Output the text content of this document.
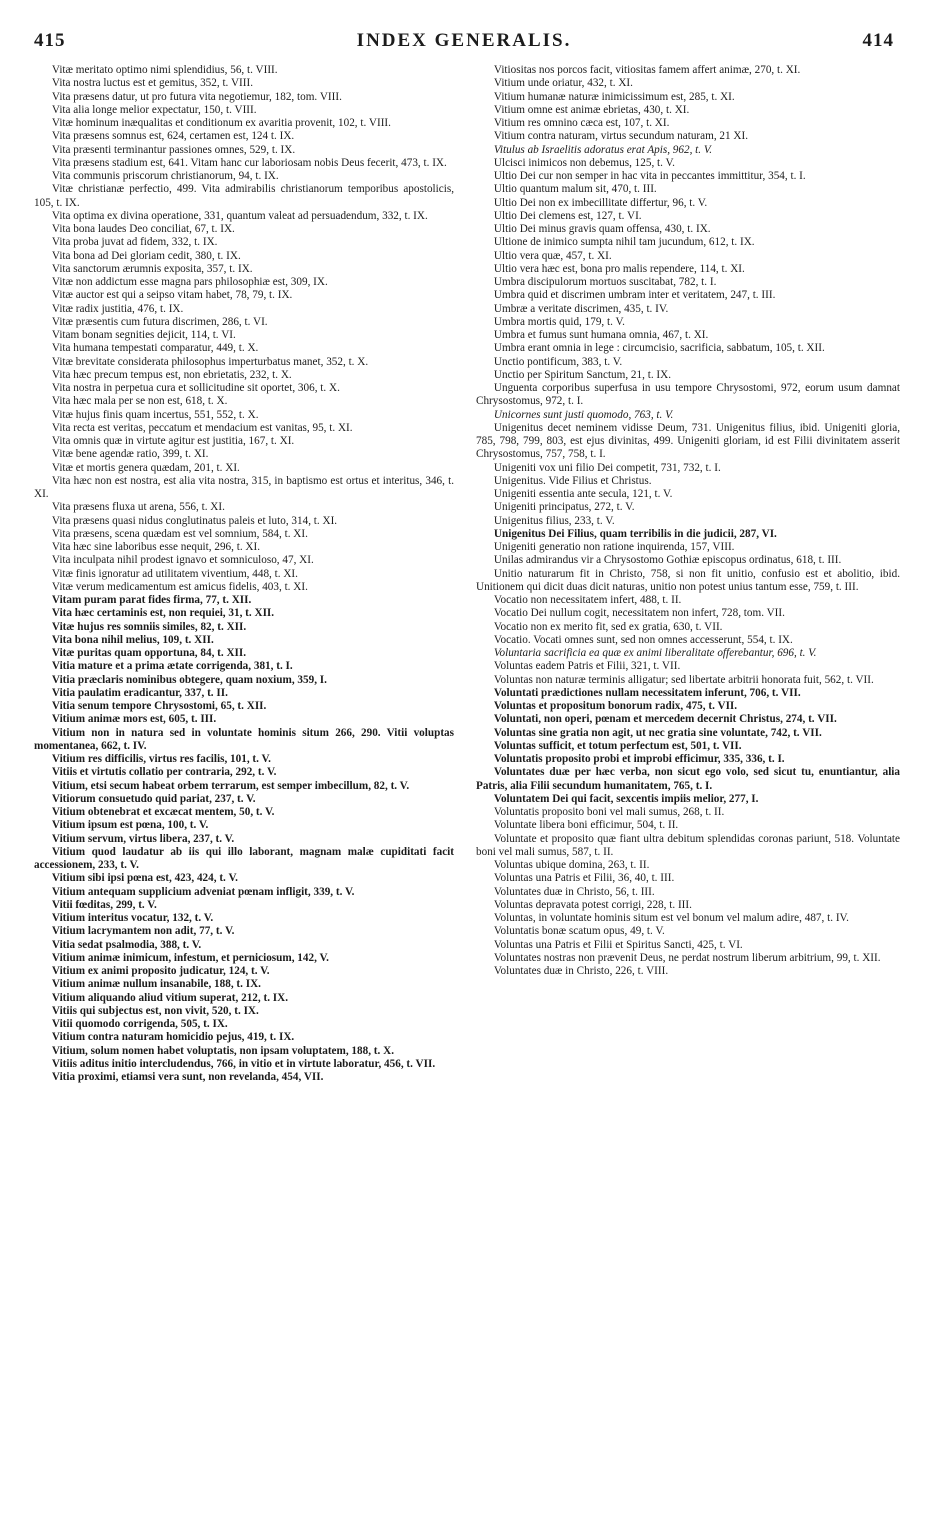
415	INDEX GENERALIS.	414

Vitæ meritato optimo nimi splendidius, 56, t. VIII.

Vita nostra luctus est et gemitus, 352, t. VIII.

Vita præsens datur, ut pro futura vita negotiemur, 182, tom. VIII.

Vita alia longe melior expectatur, 150, t. VIII.

Vitæ hominum inæqualitas et conditionum ex avaritia provenit, 102, t. VIII.

Vita præsens somnus est, 624, certamen est, 124 t. IX.

Vita præsenti terminantur passiones omnes, 529, t. IX.

Vita præsens stadium est, 641. Vitam hanc cur laboriosam nobis Deus fecerit, 473, t. IX.

Vita communis priscorum christianorum, 94, t. IX.

Vitæ christianæ perfectio, 499. Vita admirabilis christianorum temporibus apostolicis, 105, t. IX.

Vita optima ex divina operatione, 331, quantum valeat ad persuadendum, 332, t. IX.

Vita bona laudes Deo conciliat, 67, t. IX.

Vita proba juvat ad fidem, 332, t. IX.

Vita bona ad Dei gloriam cedit, 380, t. IX.

Vita sanctorum ærumnis exposita, 357, t. IX.

Vitæ non addictum esse magna pars philosophiæ est, 309, IX.

Vitæ auctor est qui a seipso vitam habet, 78, 79, t. IX.

Vitæ radix justitia, 476, t. IX.

Vitæ præsentis cum futura discrimen, 286, t. VI.

Vitam bonam segnities dejicit, 114, t. VI.

Vita humana tempestati comparatur, 449, t. X.

Vitæ brevitate considerata philosophus imperturbatus manet, 352, t. X.

Vita hæc precum tempus est, non ebrietatis, 232, t. X.

Vita nostra in perpetua cura et sollicitudine sit oportet, 306, t. X.

Vita hæc mala per se non est, 618, t. X.

Vitæ hujus finis quam incertus, 551, 552, t. X.

Vita recta est veritas, peccatum et mendacium est vanitas, 95, t. XI.

Vita omnis quæ in virtute agitur est justitia, 167, t. XI.

Vitæ bene agendæ ratio, 399, t. XI.

Vitæ et mortis genera quædam, 201, t. XI.

Vita hæc non est nostra, est alia vita nostra, 315, in baptismo est ortus et interitus, 346, t. XI.

Vita præsens fluxa ut arena, 556, t. XI.

Vita præsens quasi nidus conglutinatus paleis et luto, 314, t. XI.

Vita præsens, scena quædam est vel somnium, 584, t. XI.

Vita hæc sine laboribus esse nequit, 296, t. XI.

Vita inculpata nihil prodest ignavo et somniculoso, 47, XI.

Vitæ finis ignoratur ad utilitatem viventium, 448, t. XI.

Vitæ verum medicamentum est amicus fidelis, 403, t. XI.

Vitam puram parat fides firma, 77, t. XII.

Vita hæc certaminis est, non requiei, 31, t. XII.

Vitæ hujus res somniis similes, 82, t. XII.

Vita bona nihil melius, 109, t. XII.

Vitæ puritas quam opportuna, 84, t. XII.

Vitia mature et a prima ætate corrigenda, 381, t. I.

Vitia præclaris nominibus obtegere, quam noxium, 359, I.

Vitia paulatim eradicantur, 337, t. II.

Vitia senum tempore Chrysostomi, 65, t. XII.

Vitium animæ mors est, 605, t. III.

Vitium non in natura sed in voluntate hominis situm 266, 290. Vitii voluptas momentanea, 662, t. IV.

Vitium res difficilis, virtus res facilis, 101, t. V.

Vitiis et virtutis collatio per contraria, 292, t. V.

Vitium, etsi secum habeat orbem terrarum, est semper imbecillum, 82, t. V.

Vitiorum consuetudo quid pariat, 237, t. V.

Vitium obtenebrat et excæcat mentem, 50, t. V.

Vitium ipsum est pœna, 100, t. V.

Vitium servum, virtus libera, 237, t. V.

Vitium quod laudatur ab iis qui illo laborant, magnam malæ cupiditati facit accessionem, 233, t. V.

Vitium sibi ipsi pœna est, 423, 424, t. V.

Vitium antequam supplicium adveniat pœnam infligit, 339, t. V.

Vitii fœditas, 299, t. V.

Vitium interitus vocatur, 132, t. V.

Vitium lacrymantem non adit, 77, t. V.

Vitia sedat psalmodia, 388, t. V.

Vitium animæ inimicum, infestum, et perniciosum, 142, V.

Vitium ex animi proposito judicatur, 124, t. V.

Vitium animæ nullum insanabile, 188, t. IX.

Vitium aliquando aliud vitium superat, 212, t. IX.

Vitiis qui subjectus est, non vivit, 520, t. IX.

Vitii quomodo corrigenda, 505, t. IX.

Vitium contra naturam homicidio pejus, 419, t. IX.

Vitium, solum nomen habet voluptatis, non ipsam voluptatem, 188, t. X.

Vitiis aditus initio intercludendus, 766, in vitio et in virtute laboratur, 456, t. VII.

Vitia proximi, etiamsi vera sunt, non revelanda, 454, VII.

Vitiositas nos porcos facit, vitiositas famem affert animæ, 270, t. XI.

Vitium unde oriatur, 432, t. XI.

Vitium humanæ naturæ inimicissimum est, 285, t. XI.

Vitium omne est animæ ebrietas, 430, t. XI.

Vitium res omnino cæca est, 107, t. XI.

Vitium contra naturam, virtus secundum naturam, 21 XI.

Vitulus ab Israelitis adoratus erat Apis, 962, t. V.

Ulcisci inimicos non debemus, 125, t. V.

Ultio Dei cur non semper in hac vita in peccantes immittitur, 354, t. I.

Ultio quantum malum sit, 470, t. III.

Ultio Dei non ex imbecillitate differtur, 96, t. V.

Ultio Dei clemens est, 127, t. VI.

Ultio Dei minus gravis quam offensa, 430, t. IX.

Ultione de inimico sumpta nihil tam jucundum, 612, t. IX.

Ultio vera quæ, 457, t. XI.

Ultio vera hæc est, bona pro malis rependere, 114, t. XI.

Umbra discipulorum mortuos suscitabat, 782, t. I.

Umbra quid et discrimen umbram inter et veritatem, 247, t. III.

Umbræ a veritate discrimen, 435, t. IV.

Umbra mortis quid, 179, t. V.

Umbra et fumus sunt humana omnia, 467, t. XI.

Umbra erant omnia in lege : circumcisio, sacrificia, sabbatum, 105, t. XII.

Unctio pontificum, 383, t. V.

Unctio per Spiritum Sanctum, 21, t. IX.

Unguenta corporibus superfusa in usu tempore Chrysostomi, 972, eorum usum damnat Chrysostomus, 972, t. I.

Unicornes sunt justi quomodo, 763, t. V.

Unigenitus decet neminem vidisse Deum, 731. Unigenitus filius, ibid. Unigeniti gloria, 785, 798, 799, 803, est ejus divinitas, 499. Unigeniti gloriam, id est Filii divinitatem asserit Chrysostomus, 757, 758, t. I.

Unigeniti vox uni filio Dei competit, 731, 732, t. I.

Unigenitus. Vide Filius et Christus.

Unigeniti essentia ante secula, 121, t. V.

Unigeniti principatus, 272, t. V.

Unigenitus filius, 233, t. V.

Unigenitus Dei Filius, quam terribilis in die judicii, 287, VI.

Unigeniti generatio non ratione inquirenda, 157, VIII.

Unilas admirandus vir a Chrysostomo Gothiæ episcopus ordinatus, 618, t. III.

Unitio naturarum fit in Christo, 758, si non fit unitio, confusio est et abolitio, ibid. Unitionem qui dicit duas dicit naturas, unitio non potest unius tantum esse, 759, t. III.

Vocatio non necessitatem infert, 488, t. II.

Vocatio Dei nullum cogit, necessitatem non infert, 728, tom. VII.

Vocatio non ex merito fit, sed ex gratia, 630, t. VII.

Vocatio. Vocati omnes sunt, sed non omnes accesserunt, 554, t. IX.

Voluntaria sacrificia ea quæ ex animi liberalitate offerebantur, 696, t. V.

Voluntas eadem Patris et Filii, 321, t. VII.

Voluntas non naturæ terminis alligatur; sed libertate arbitrii honorata fuit, 562, t. VII.

Voluntati prædictiones nullam necessitatem inferunt, 706, t. VII.

Voluntas et propositum bonorum radix, 475, t. VII.

Voluntati, non operi, pœnam et mercedem decernit Christus, 274, t. VII.

Voluntas sine gratia non agit, ut nec gratia sine voluntate, 742, t. VII.

Voluntas sufficit, et totum perfectum est, 501, t. VII.

Voluntatis proposito probi et improbi efficimur, 335, 336, t. I.

Voluntates duæ per hæc verba, non sicut ego volo, sed sicut tu, enuntiantur, alia Patris, alia Filii secundum humanitatem, 765, t. I.

Voluntatem Dei qui facit, sexcentis impiis melior, 277, I.

Voluntatis proposito boni vel mali sumus, 268, t. II.

Voluntate libera boni efficimur, 504, t. II.

Voluntate et proposito quæ fiant ultra debitum splendidas coronas pariunt, 518. Voluntate boni vel mali sumus, 587, t. II.

Voluntas ubique domina, 263, t. II.

Voluntas una Patris et Filii, 36, 40, t. III.

Voluntates duæ in Christo, 56, t. III.

Voluntas depravata potest corrigi, 228, t. III.

Voluntas, in voluntate hominis situm est vel bonum vel malum adire, 487, t. IV.

Voluntatis bonæ scatum opus, 49, t. V.

Voluntas una Patris et Filii et Spiritus Sancti, 425, t. VI.

Voluntates nostras non prævenit Deus, ne perdat nostrum liberum arbitrium, 99, t. XII.

Voluntates duæ in Christo, 226, t. VIII.
